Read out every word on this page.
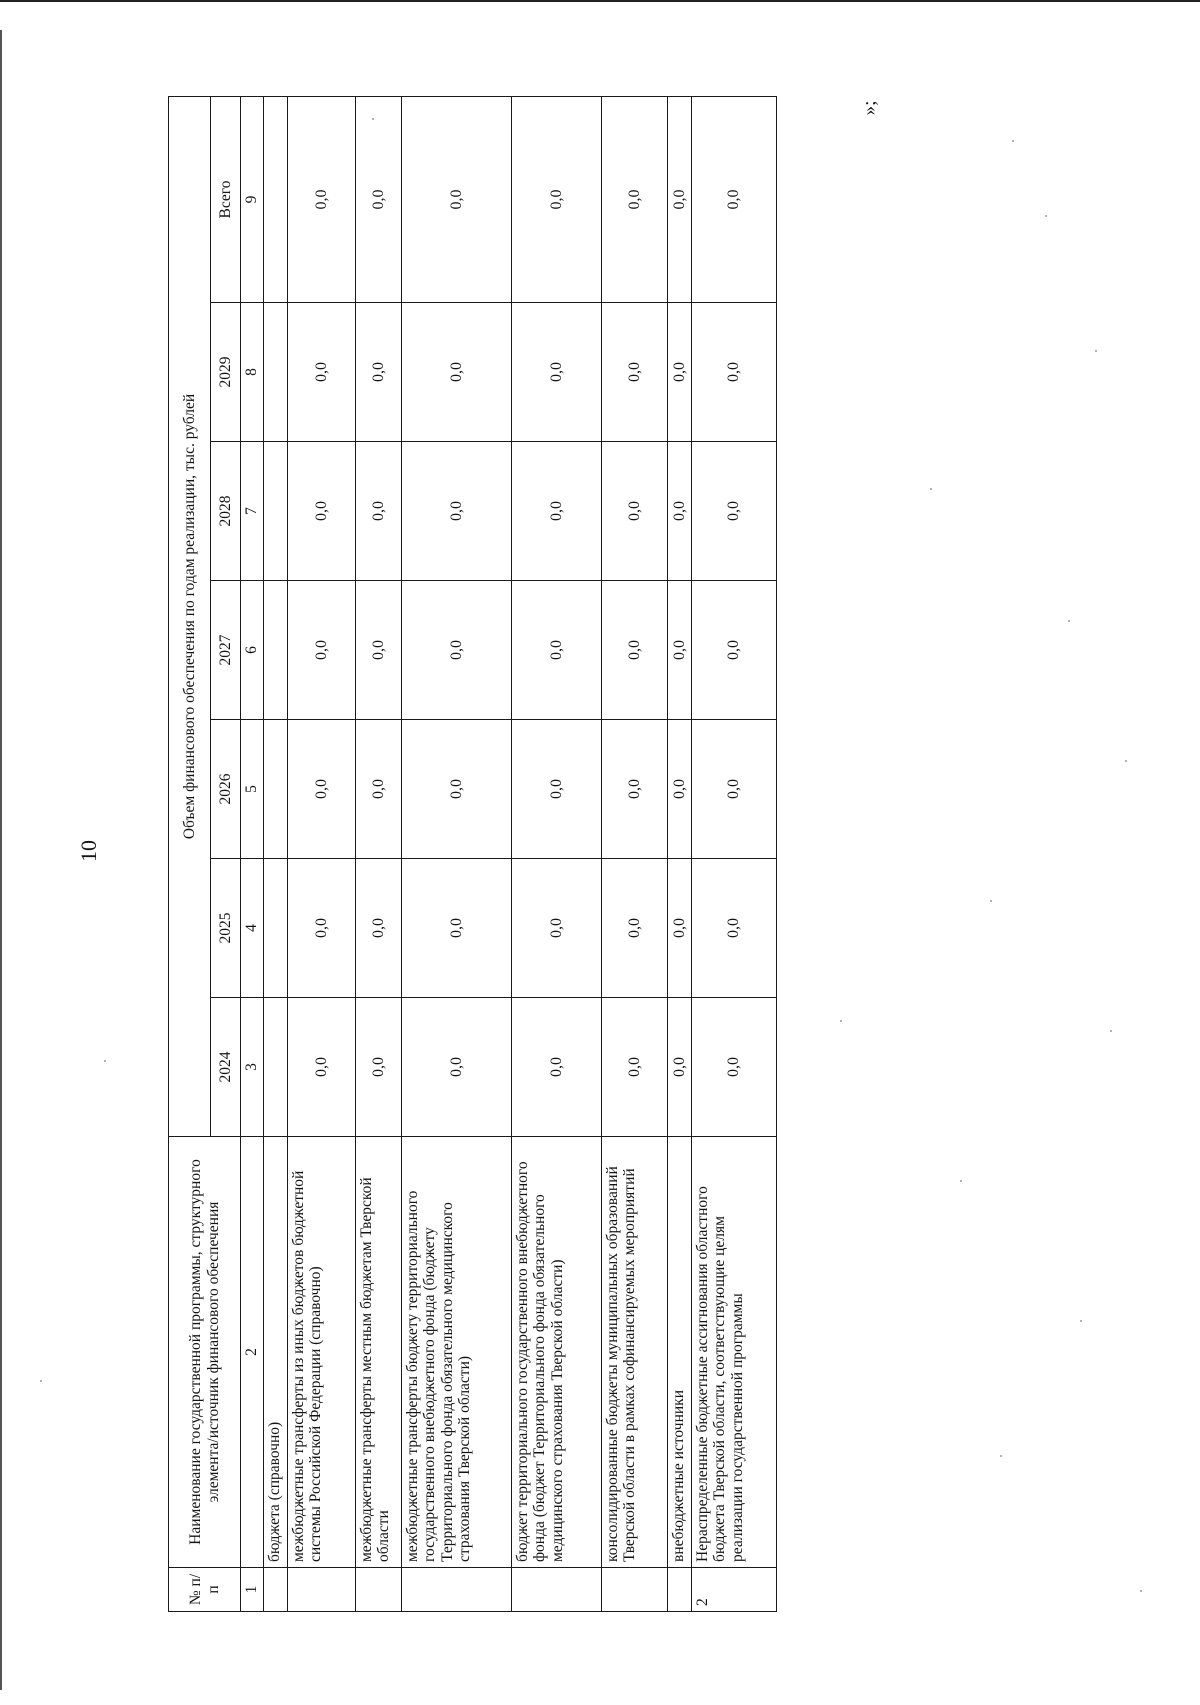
10
№ п/п	Наименование государственной программы, структурного элемента/источник финансового обеспечения	Объем финансового обеспечения по годам реализации, тыс. рублей						
		2024	2025	2026	2027	2028	2029	Всего
1	2	3	4	5	6	7	8	9
	бюджета (справочно)							
	межбюджетные трансферты из иных бюджетов бюджетной системы Российской Федерации (справочно)	0,0	0,0	0,0	0,0	0,0	0,0	0,0
	межбюджетные трансферты местным бюджетам Тверской области	0,0	0,0	0,0	0,0	0,0	0,0	0,0
	межбюджетные трансферты бюджету территориального государственного внебюджетного фонда (бюджету Территориального фонда обязательного медицинского страхования Тверской области)	0,0	0,0	0,0	0,0	0,0	0,0	0,0
	бюджет территориального государственного внебюджетного фонда (бюджет Территориального фонда обязательного медицинского страхования Тверской области)	0,0	0,0	0,0	0,0	0,0	0,0	0,0
	консолидированные бюджеты муниципальных образований Тверской области в рамках софинансируемых мероприятий	0,0	0,0	0,0	0,0	0,0	0,0	0,0
	внебюджетные источники	0,0	0,0	0,0	0,0	0,0	0,0	0,0
2	Нераспределенные бюджетные ассигнования областного бюджета Тверской области, соответствующие целям реализации государственной программы	0,0	0,0	0,0	0,0	0,0	0,0	0,0
»;
